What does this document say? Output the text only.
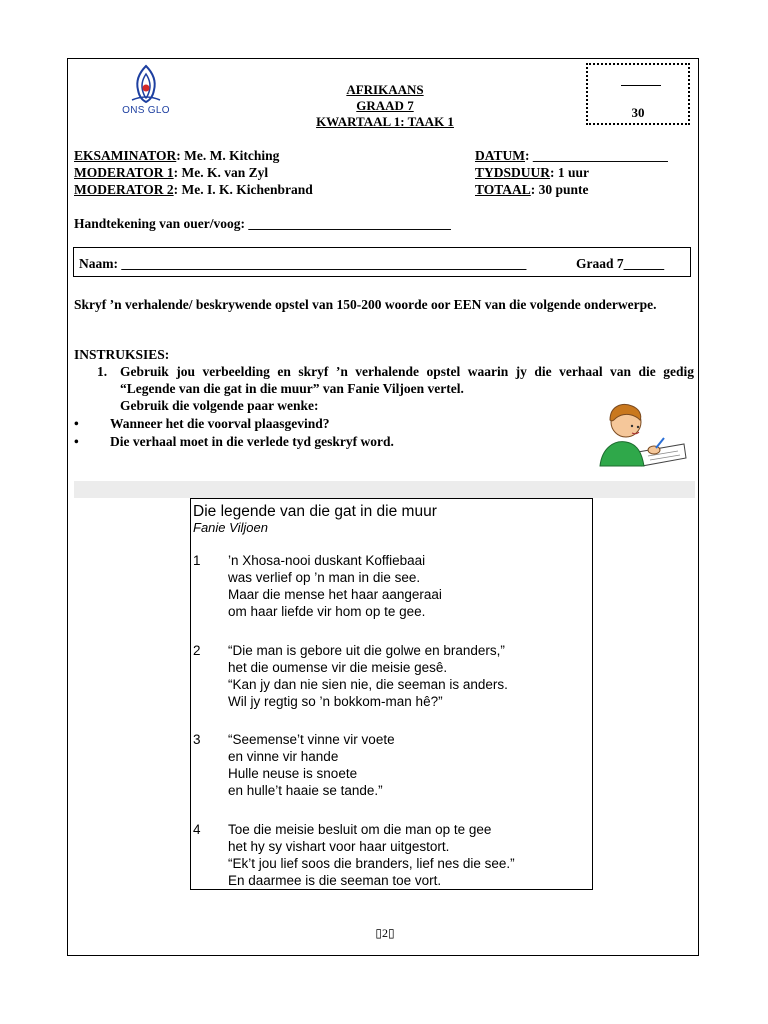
ONS GLO
AFRIKAANS
GRAAD 7
KWARTAAL 1: TAAK 1
30
EKSAMINATOR: Me. M. Kitching
MODERATOR 1: Me. K. van Zyl
MODERATOR 2: Me. I. K. Kichenbrand
DATUM: ____________________
TYDSDUUR: 1 uur
TOTAAL: 30 punte
Handtekening van ouer/voog: ______________________________
Naam: ____________________________________________________________	Graad 7______
Skryf ’n verhalende/ beskrywende opstel van 150-200 woorde oor EEN van die volgende onderwerpe.
INSTRUKSIES:
1. Gebruik jou verbeelding en skryf ’n verhalende opstel waarin jy die verhaal van die gedig “Legende van die gat in die muur” van Fanie Viljoen vertel.
Gebruik die volgende paar wenke:
• Wanneer het die voorval plaasgevind?
• Die verhaal moet in die verlede tyd geskryf word.
Die legende van die gat in die muur
Fanie Viljoen
1 ’n Xhosa-nooi duskant Koffiebaai
was verlief op ’n man in die see.
Maar die mense het haar aangeraai
om haar liefde vir hom op te gee.
2 “Die man is gebore uit die golwe en branders,”
het die oumense vir die meisie gesê.
“Kan jy dan nie sien nie, die seeman is anders.
Wil jy regtig so ’n bokkom-man hê?”
3 “Seemense’t vinne vir voete
en vinne vir hande
Hulle neuse is snoete
en hulle’t haaie se tande.”
4 Toe die meisie besluit om die man op te gee
het hy sy vishart voor haar uitgestort.
“Ek’t jou lief soos die branders, lief nes die see.”
En daarmee is die seeman toe vort.
▯2▯
